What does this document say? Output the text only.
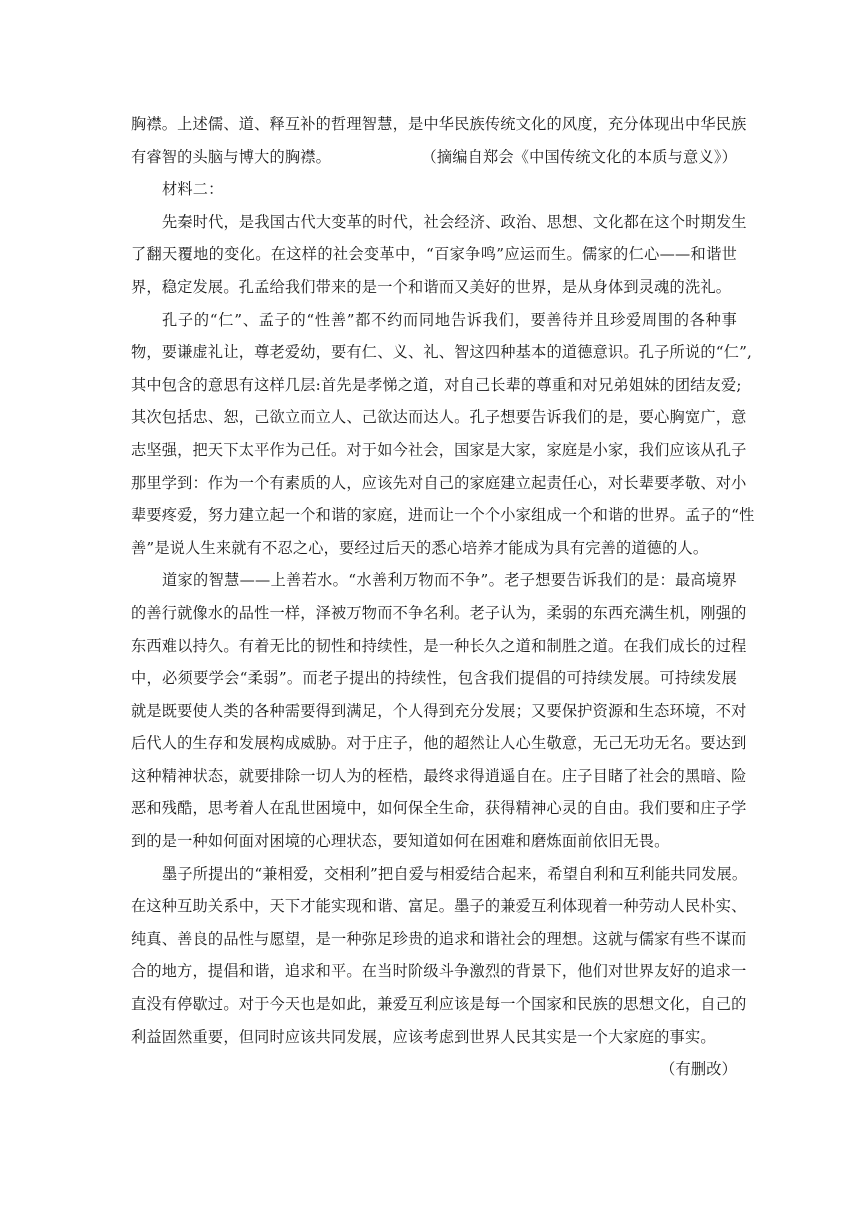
胸襟。上述儒、道、释互补的哲理智慧，是中华民族传统文化的风度，充分体现出中华民族
有睿智的头脑与博大的胸襟。	（摘编自郑会《中国传统文化的本质与意义》）
材料二：
先秦时代，是我国古代大变革的时代，社会经济、政治、思想、文化都在这个时期发生
了翻天覆地的变化。在这样的社会变革中，“百家争鸣”应运而生。儒家的仁心——和谐世
界，稳定发展。孔孟给我们带来的是一个和谐而又美好的世界，是从身体到灵魂的洗礼。
孔子的“仁”、孟子的“性善”都不约而同地告诉我们，要善待并且珍爱周围的各种事
物，要谦虚礼让，尊老爱幼，要有仁、义、礼、智这四种基本的道德意识。孔子所说的“仁”,
其中包含的意思有这样几层:首先是孝悌之道，对自己长辈的尊重和对兄弟姐妹的团结友爱;
其次包括忠、恕，己欲立而立人、己欲达而达人。孔子想要告诉我们的是，要心胸宽广，意
志坚强，把天下太平作为己任。对于如今社会，国家是大家，家庭是小家，我们应该从孔子
那里学到：作为一个有素质的人，应该先对自己的家庭建立起责任心，对长辈要孝敬、对小
辈要疼爱，努力建立起一个和谐的家庭，进而让一个个小家组成一个和谐的世界。孟子的“性
善”是说人生来就有不忍之心，要经过后天的悉心培养才能成为具有完善的道德的人。
道家的智慧——上善若水。“水善利万物而不争”。老子想要告诉我们的是：最高境界
的善行就像水的品性一样，泽被万物而不争名利。老子认为，柔弱的东西充满生机，刚强的
东西难以持久。有着无比的韧性和持续性，是一种长久之道和制胜之道。在我们成长的过程
中，必须要学会“柔弱”。而老子提出的持续性，包含我们提倡的可持续发展。可持续发展
就是既要使人类的各种需要得到满足，个人得到充分发展；又要保护资源和生态环境，不对
后代人的生存和发展构成威胁。对于庄子，他的超然让人心生敬意，无己无功无名。要达到
这种精神状态，就要排除一切人为的桎梏，最终求得逍遥自在。庄子目睹了社会的黑暗、险
恶和残酷，思考着人在乱世困境中，如何保全生命，获得精神心灵的自由。我们要和庄子学
到的是一种如何面对困境的心理状态，要知道如何在困难和磨炼面前依旧无畏。
墨子所提出的“兼相爱，交相利”把自爱与相爱结合起来，希望自利和互利能共同发展。
在这种互助关系中，天下才能实现和谐、富足。墨子的兼爱互利体现着一种劳动人民朴实、
纯真、善良的品性与愿望，是一种弥足珍贵的追求和谐社会的理想。这就与儒家有些不谋而
合的地方，提倡和谐，追求和平。在当时阶级斗争激烈的背景下，他们对世界友好的追求一
直没有停歇过。对于今天也是如此，兼爱互利应该是每一个国家和民族的思想文化，自己的
利益固然重要，但同时应该共同发展，应该考虑到世界人民其实是一个大家庭的事实。
（有删改）
